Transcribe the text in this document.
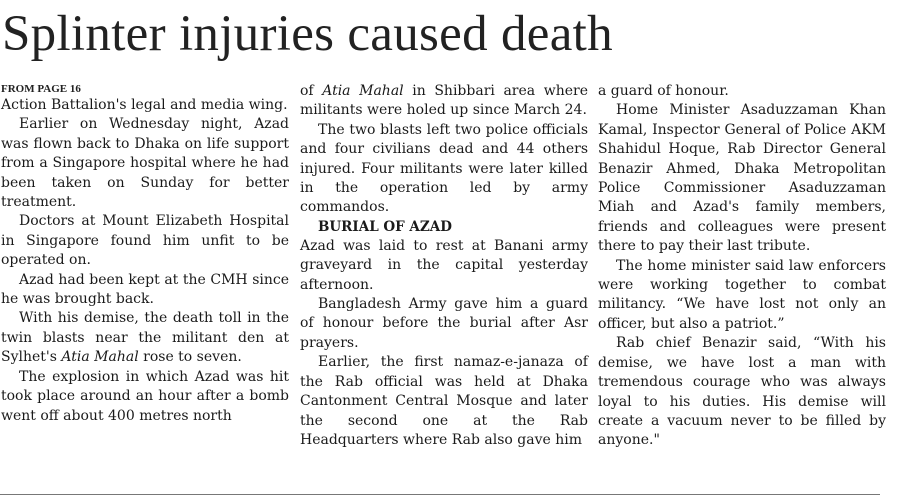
Splinter injuries caused death
FROM PAGE 16

Action Battalion's legal and media wing.

Earlier on Wednesday night, Azad was flown back to Dhaka on life support from a Singapore hospital where he had been taken on Sunday for better treatment.

Doctors at Mount Elizabeth Hospital in Singapore found him unfit to be operated on.

Azad had been kept at the CMH since he was brought back.

With his demise, the death toll in the twin blasts near the militant den at Sylhet's Atia Mahal rose to seven.

The explosion in which Azad was hit took place around an hour after a bomb went off about 400 metres north

of Atia Mahal in Shibbari area where militants were holed up since March 24.

The two blasts left two police officials and four civilians dead and 44 others injured. Four militants were later killed in the operation led by army commandos.

BURIAL OF AZAD

Azad was laid to rest at Banani army graveyard in the capital yesterday afternoon.

Bangladesh Army gave him a guard of honour before the burial after Asr prayers.

Earlier, the first namaz-e-janaza of the Rab official was held at Dhaka Cantonment Central Mosque and later the second one at the Rab Headquarters where Rab also gave him

a guard of honour.

Home Minister Asaduzzaman Khan Kamal, Inspector General of Police AKM Shahidul Hoque, Rab Director General Benazir Ahmed, Dhaka Metropolitan Police Commissioner Asaduzzaman Miah and Azad's family members, friends and colleagues were present there to pay their last tribute.

The home minister said law enforcers were working together to combat militancy. “We have lost not only an officer, but also a patriot.”

Rab chief Benazir said, “With his demise, we have lost a man with tremendous courage who was always loyal to his duties. His demise will create a vacuum never to be filled by anyone."
